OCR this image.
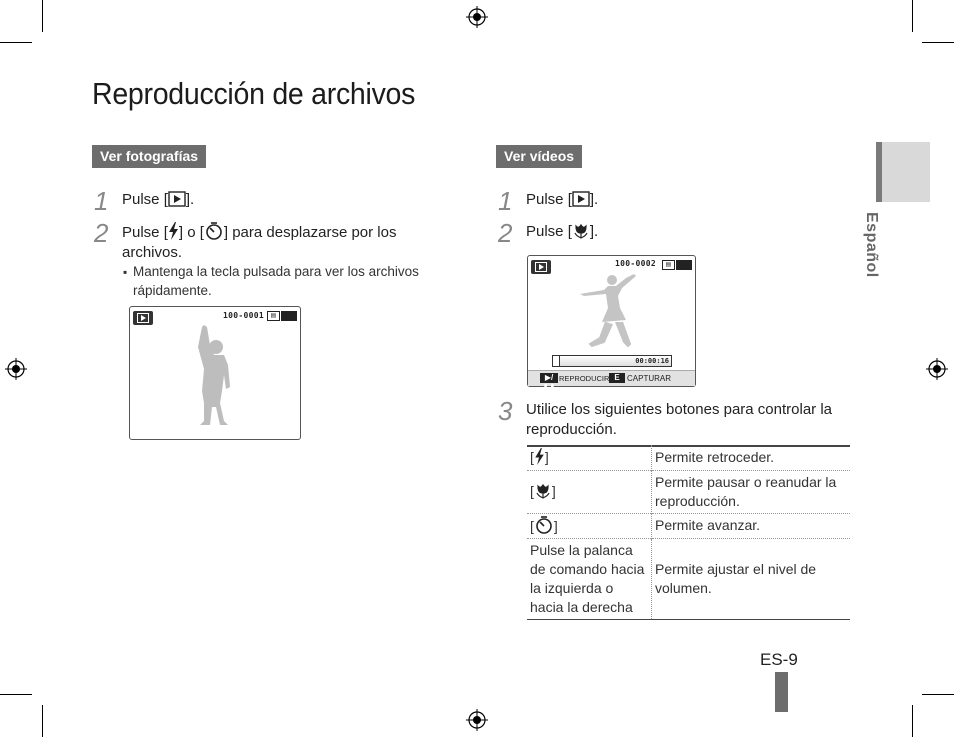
Reproducción de archivos
Ver fotografías
1 Pulse [ ].
2 Pulse [ ] o [ ] para desplazarse por los archivos.
▪ Mantenga la tecla pulsada para ver los archivos rápidamente.
100-0001	▤
Ver vídeos
1 Pulse [ ].
2 Pulse [ ].
100-0002	▤
00:00:16
▶/❚❚
REPRODUCIR E CAPTURAR
3 Utilice los siguientes botones para controlar la reproducción.
[ ]	Permite retroceder.
[ ]	Permite pausar o reanudar la reproducción.
[ ]	Permite avanzar.
Pulse la palanca de comando hacia la izquierda o hacia la derecha	Permite ajustar el nivel de volumen.
Español
ES-9
